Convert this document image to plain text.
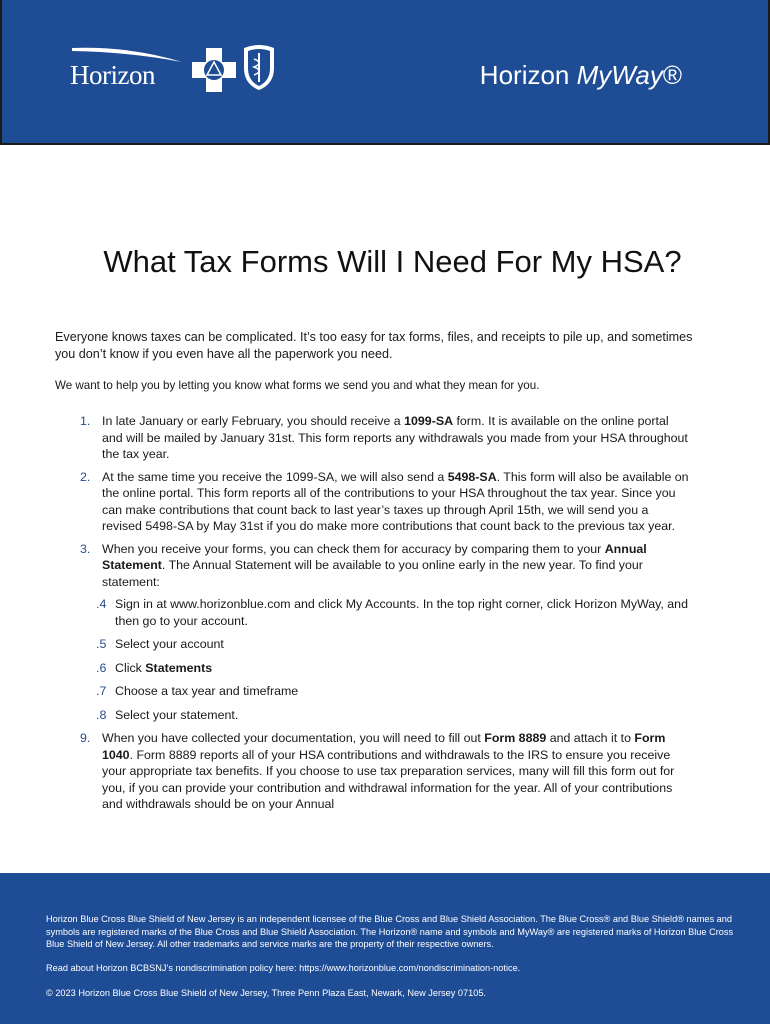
Horizon	Horizon MyWay®
What Tax Forms Will I Need For My HSA?

Everyone knows taxes can be complicated. It’s too easy for tax forms, files, and receipts to pile up, and sometimes you don’t know if you even have all the paperwork you need.

We want to help you by letting you know what forms we send you and what they mean for you.

1. In late January or early February, you should receive a 1099-SA form. It is available on the online portal and will be mailed by January 31st. This form reports any withdrawals you made from your HSA throughout the tax year.
2. At the same time you receive the 1099-SA, we will also send a 5498-SA. This form will also be available on the online portal. This form reports all of the contributions to your HSA throughout the tax year. Since you can make contributions that count back to last year’s taxes up through April 15th, we will send you a revised 5498-SA by May 31st if you do make more contributions that count back to the previous tax year.
3. When you receive your forms, you can check them for accuracy by comparing them to your Annual Statement. The Annual Statement will be available to you online early in the new year. To find your statement:
.4 Sign in at www.horizonblue.com and click My Accounts. In the top right corner, click Horizon MyWay, and then go to your account.
.5 Select your account
.6 Click Statements
.7 Choose a tax year and timeframe
.8 Select your statement.
9. When you have collected your documentation, you will need to fill out Form 8889 and attach it to Form 1040. Form 8889 reports all of your HSA contributions and withdrawals to the IRS to ensure you receive your appropriate tax benefits. If you choose to use tax preparation services, many will fill this form out for you, if you can provide your contribution and withdrawal information for the year. All of your contributions and withdrawals should be on your Annual

Horizon Blue Cross Blue Shield of New Jersey is an independent licensee of the Blue Cross and Blue Shield Association. The Blue Cross® and Blue Shield® names and symbols are registered marks of the Blue Cross and Blue Shield Association. The Horizon® name and symbols and MyWay® are registered marks of Horizon Blue Cross Blue Shield of New Jersey. All other trademarks and service marks are the property of their respective owners.

Read about Horizon BCBSNJ’s nondiscrimination policy here: https://www.horizonblue.com/nondiscrimination-notice.

© 2023 Horizon Blue Cross Blue Shield of New Jersey, Three Penn Plaza East, Newark, New Jersey 07105.
